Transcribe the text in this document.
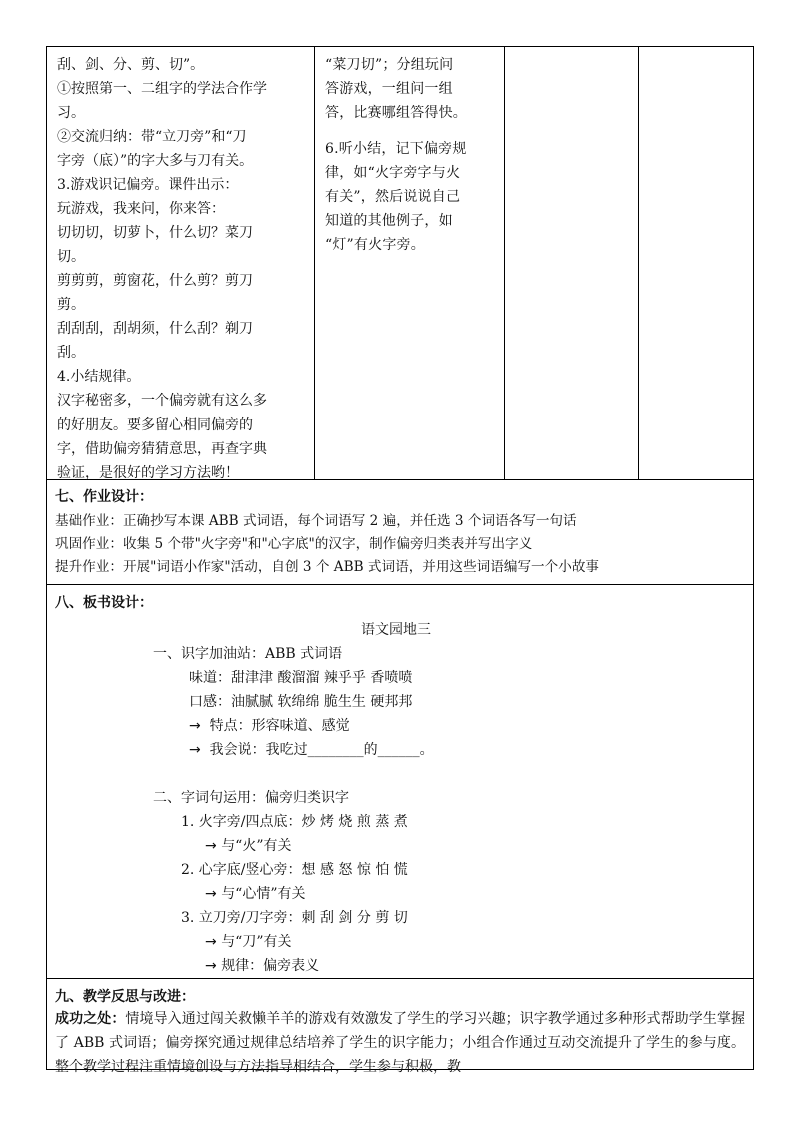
刮、剑、分、剪、切”。
①按照第一、二组字的学法合作学
习。
②交流归纳：带“立刀旁”和“刀
字旁（底）”的字大多与刀有关。
3.游戏识记偏旁。课件出示：
玩游戏，我来问，你来答：
切切切，切萝卜，什么切？菜刀
切。
剪剪剪，剪窗花，什么剪？剪刀
剪。
刮刮刮，刮胡须，什么刮？剃刀
刮。
4.小结规律。
汉字秘密多，一个偏旁就有这么多
的好朋友。要多留心相同偏旁的
字，借助偏旁猜猜意思，再查字典
验证，是很好的学习方法哟！
“菜刀切”；分组玩问
答游戏，一组问一组
答，比赛哪组答得快。
6.听小结，记下偏旁规
律，如“火字旁字与火
有关”，然后说说自己
知道的其他例子，如
“灯”有火字旁。
七、作业设计：
基础作业：正确抄写本课 ABB 式词语，每个词语写 2 遍，并任选 3 个词语各写一句话
巩固作业：收集 5 个带"火字旁"和"心字底"的汉字，制作偏旁归类表并写出字义
提升作业：开展"词语小作家"活动，自创 3 个 ABB 式词语，并用这些词语编写一个小故事
八、板书设计：
语文园地三
一、识字加油站：ABB 式词语
味道：甜津津 酸溜溜 辣乎乎 香喷喷
口感：油腻腻 软绵绵 脆生生 硬邦邦
→ 特点：形容味道、感觉
→ 我会说：我吃过________的______。
二、字词句运用：偏旁归类识字
1. 火字旁/四点底：炒 烤 烧 煎 蒸 煮
→ 与“火”有关
2. 心字底/竖心旁：想 感 怒 惊 怕 慌
→ 与“心情”有关
3. 立刀旁/刀字旁：刺 刮 剑 分 剪 切
→ 与“刀”有关
→ 规律：偏旁表义
九、教学反思与改进：
成功之处：情境导入通过闯关救懒羊羊的游戏有效激发了学生的学习兴趣；识字教学通过多种形式帮助学生掌握了 ABB 式词语；偏旁探究通过规律总结培养了学生的识字能力；小组合作通过互动交流提升了学生的参与度。整个教学过程注重情境创设与方法指导相结合，学生参与积极，教
